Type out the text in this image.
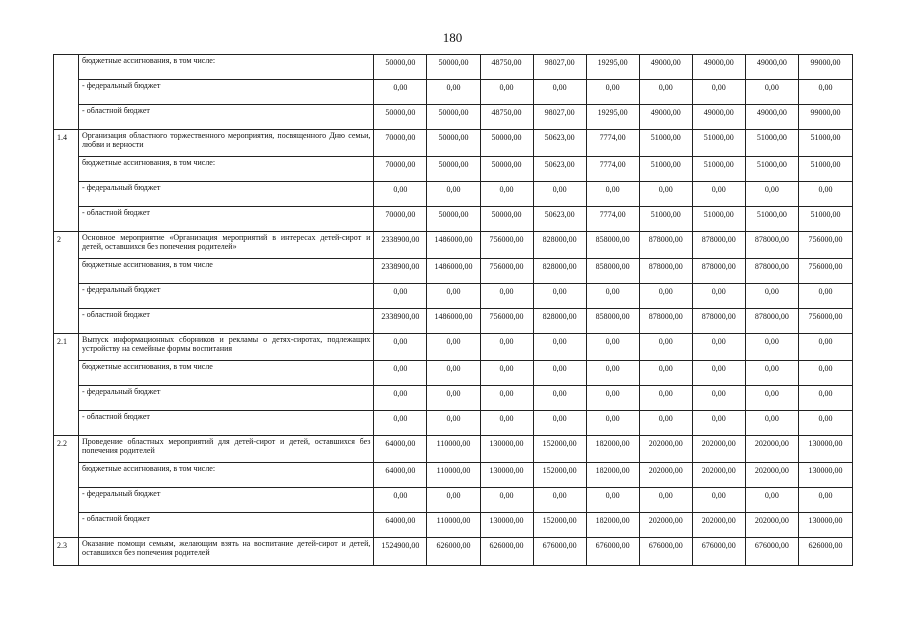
180
	бюджетные ассигнования, в том числе:	50000,00	50000,00	48750,00	98027,00	19295,00	49000,00	49000,00	49000,00	99000,00
	- федеральный бюджет	0,00	0,00	0,00	0,00	0,00	0,00	0,00	0,00	0,00
	- областной бюджет	50000,00	50000,00	48750,00	98027,00	19295,00	49000,00	49000,00	49000,00	99000,00
1.4	Организация областного торжественного мероприятия, посвященного Дню семьи, любви и верности	70000,00	50000,00	50000,00	50623,00	7774,00	51000,00	51000,00	51000,00	51000,00
	бюджетные ассигнования, в том числе:	70000,00	50000,00	50000,00	50623,00	7774,00	51000,00	51000,00	51000,00	51000,00
	- федеральный бюджет	0,00	0,00	0,00	0,00	0,00	0,00	0,00	0,00	0,00
	- областной бюджет	70000,00	50000,00	50000,00	50623,00	7774,00	51000,00	51000,00	51000,00	51000,00
2	Основное мероприятие «Организация мероприятий в интересах детей-сирот и детей, оставшихся без попечения родителей»	2338900,00	1486000,00	756000,00	828000,00	858000,00	878000,00	878000,00	878000,00	756000,00
	бюджетные ассигнования, в том числе	2338900,00	1486000,00	756000,00	828000,00	858000,00	878000,00	878000,00	878000,00	756000,00
	- федеральный бюджет	0,00	0,00	0,00	0,00	0,00	0,00	0,00	0,00	0,00
	- областной бюджет	2338900,00	1486000,00	756000,00	828000,00	858000,00	878000,00	878000,00	878000,00	756000,00
2.1	Выпуск информационных сборников и рекламы о детях-сиротах, подлежащих устройству на семейные формы воспитания	0,00	0,00	0,00	0,00	0,00	0,00	0,00	0,00	0,00
	бюджетные ассигнования, в том числе	0,00	0,00	0,00	0,00	0,00	0,00	0,00	0,00	0,00
	- федеральный бюджет	0,00	0,00	0,00	0,00	0,00	0,00	0,00	0,00	0,00
	- областной бюджет	0,00	0,00	0,00	0,00	0,00	0,00	0,00	0,00	0,00
2.2	Проведение областных мероприятий для детей-сирот и детей, оставшихся без попечения родителей	64000,00	110000,00	130000,00	152000,00	182000,00	202000,00	202000,00	202000,00	130000,00
	бюджетные ассигнования, в том числе:	64000,00	110000,00	130000,00	152000,00	182000,00	202000,00	202000,00	202000,00	130000,00
	- федеральный бюджет	0,00	0,00	0,00	0,00	0,00	0,00	0,00	0,00	0,00
	- областной бюджет	64000,00	110000,00	130000,00	152000,00	182000,00	202000,00	202000,00	202000,00	130000,00
2.3	Оказание помощи семьям, желающим взять на воспитание детей-сирот и детей, оставшихся без попечения родителей	1524900,00	626000,00	626000,00	676000,00	676000,00	676000,00	676000,00	676000,00	626000,00
